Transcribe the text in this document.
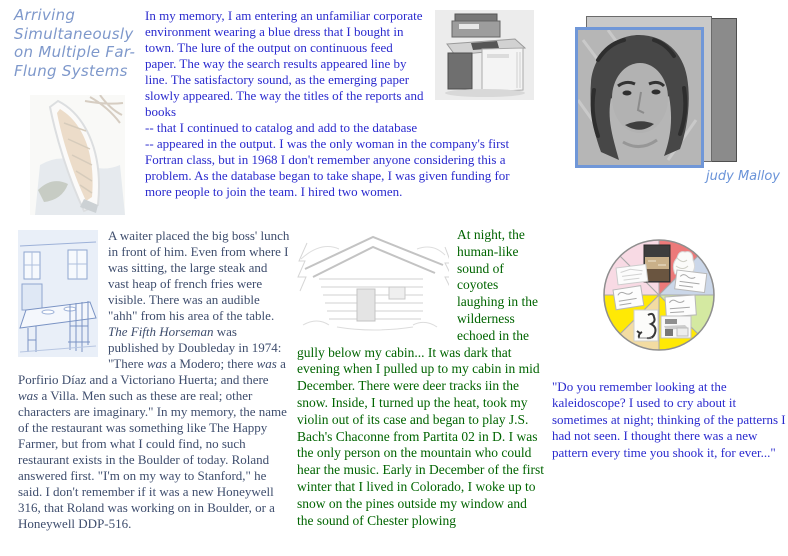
Arriving Simultaneously on Multiple Far-Flung Systems
In my memory, I am entering an unfamiliar corporate environment wearing a blue dress that I bought in town. The lure of the output on continuous feed paper. The way the search results appeared line by line. The satisfactory sound, as the emerging paper slowly appeared. The way the titles of the reports and books
-- that I continued to catalog and add to the database
-- appeared in the output. I was the only woman in the company's first Fortran class, but in 1968 I don't remember anyone considering this a problem. As the database began to take shape, I was given funding for more people to join the team. I hired two women.
judy Malloy
A waiter placed the big boss' lunch in front of him. Even from where I was sitting, the large steak and vast heap of french fries were visible. There was an audible "ahh" from his area of the table. The Fifth Horseman was published by Doubleday in 1974: "There was a Modero; there was a Porfirio Díaz and a Victoriano Huerta; and there was a Villa. Men such as these are real; other characters are imaginary." In my memory, the name of the restaurant was something like The Happy Farmer, but from what I could find, no such restaurant exists in the Boulder of today. Roland answered first. "I'm on my way to Stanford," he said. I don't remember if it was a new Honeywell 316, that Roland was working on in Boulder, or a Honeywell DDP-516.
At night, the human-like sound of coyotes laughing in the wilderness echoed in the gully below my cabin... It was dark that evening when I pulled up to my cabin in mid December. There were deer tracks iin the snow. Inside, I turned up the heat, took my violin out of its case and began to play J.S. Bach's Chaconne from Partita 02 in D. I was the only person on the mountain who could hear the music. Early in December of the first winter that I lived in Colorado, I woke up to snow on the pines outside my window and the sound of Chester plowing
"Do you remember looking at the kaleidoscope? I used to cry about it sometimes at night; thinking of the patterns I had not seen. I thought there was a new pattern every time you shook it, for ever..."
